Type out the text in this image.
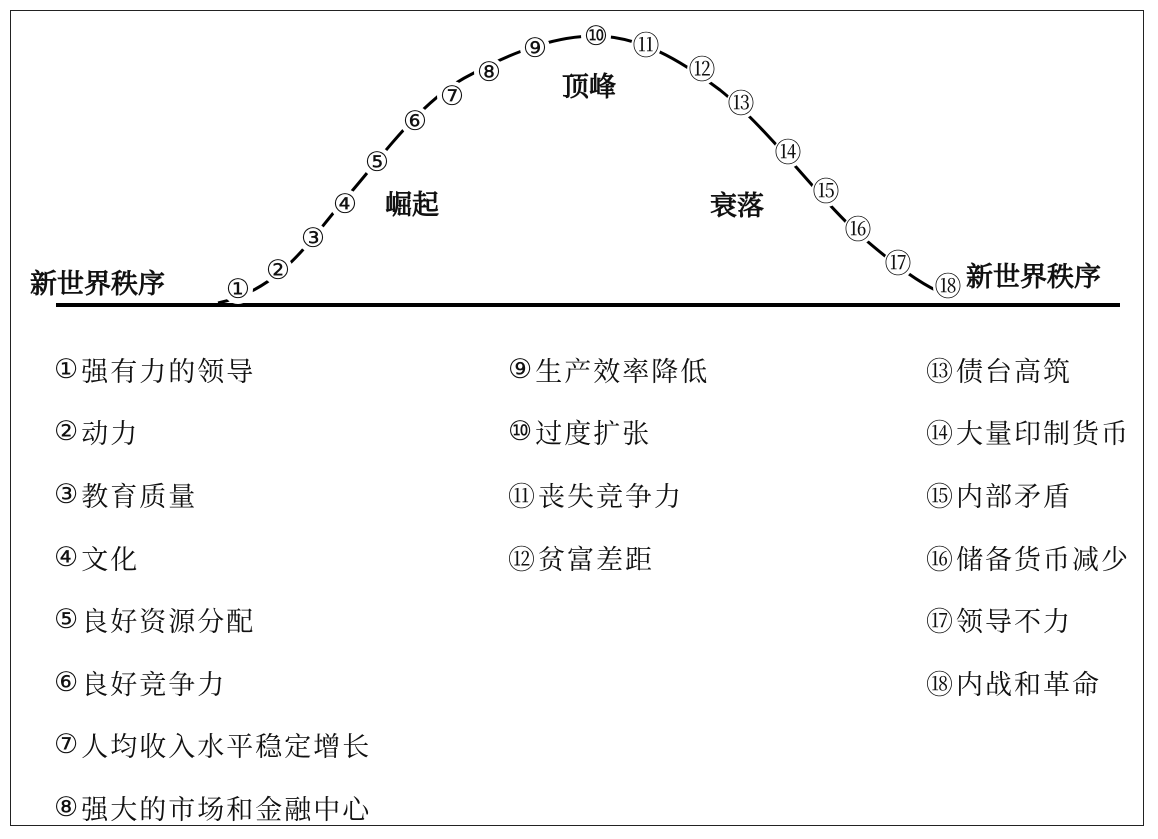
①
②
③
④
⑤
⑥
⑦
⑧
⑨ ⑩ ⑪
⑫
⑬
⑭
⑮
⑯
⑰
⑱
新世界秩序	新世界秩序
崛起
顶峰
衰落
① 强有力的领导
② 动力
③ 教育质量
④ 文化
⑤ 良好资源分配
⑥ 良好竞争力
⑦ 人均收入水平稳定增长
⑧ 强大的市场和金融中心
⑨ 生产效率降低
⑩ 过度扩张
⑪ 丧失竞争力
⑫ 贫富差距
⑬ 债台高筑
⑭ 大量印制货币
⑮ 内部矛盾
⑯ 储备货币减少
⑰ 领导不力
⑱ 内战和革命
